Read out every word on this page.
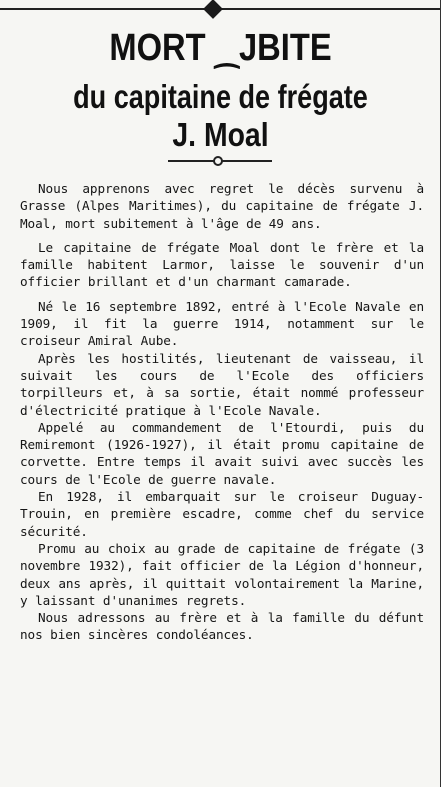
MORT ⁔JBITE
du capitaine de frégate
J. Moal

Nous apprenons avec regret le décès survenu à Grasse (Alpes Maritimes), du capitaine de frégate J. Moal, mort subitement à l'âge de 49 ans.

Le capitaine de frégate Moal dont le frère et la famille habitent Larmor, laisse le souvenir d'un officier brillant et d'un charmant camarade.

Né le 16 septembre 1892, entré à l'Ecole Navale en 1909, il fit la guerre 1914, notamment sur le croiseur Amiral Aube.

Après les hostilités, lieutenant de vaisseau, il suivait les cours de l'Ecole des officiers torpilleurs et, à sa sortie, était nommé professeur d'électricité pratique à l'Ecole Navale.

Appelé au commandement de l'Etourdi, puis du Remiremont (1926-1927), il était promu capitaine de corvette. Entre temps il avait suivi avec succès les cours de l'Ecole de guerre navale.

En 1928, il embarquait sur le croiseur Duguay-Trouin, en première escadre, comme chef du service sécurité.

Promu au choix au grade de capitaine de frégate (3 novembre 1932), fait officier de la Légion d'honneur, deux ans après, il quittait volontairement la Marine, y laissant d'unanimes regrets.

Nous adressons au frère et à la famille du défunt nos bien sincères condoléances.
